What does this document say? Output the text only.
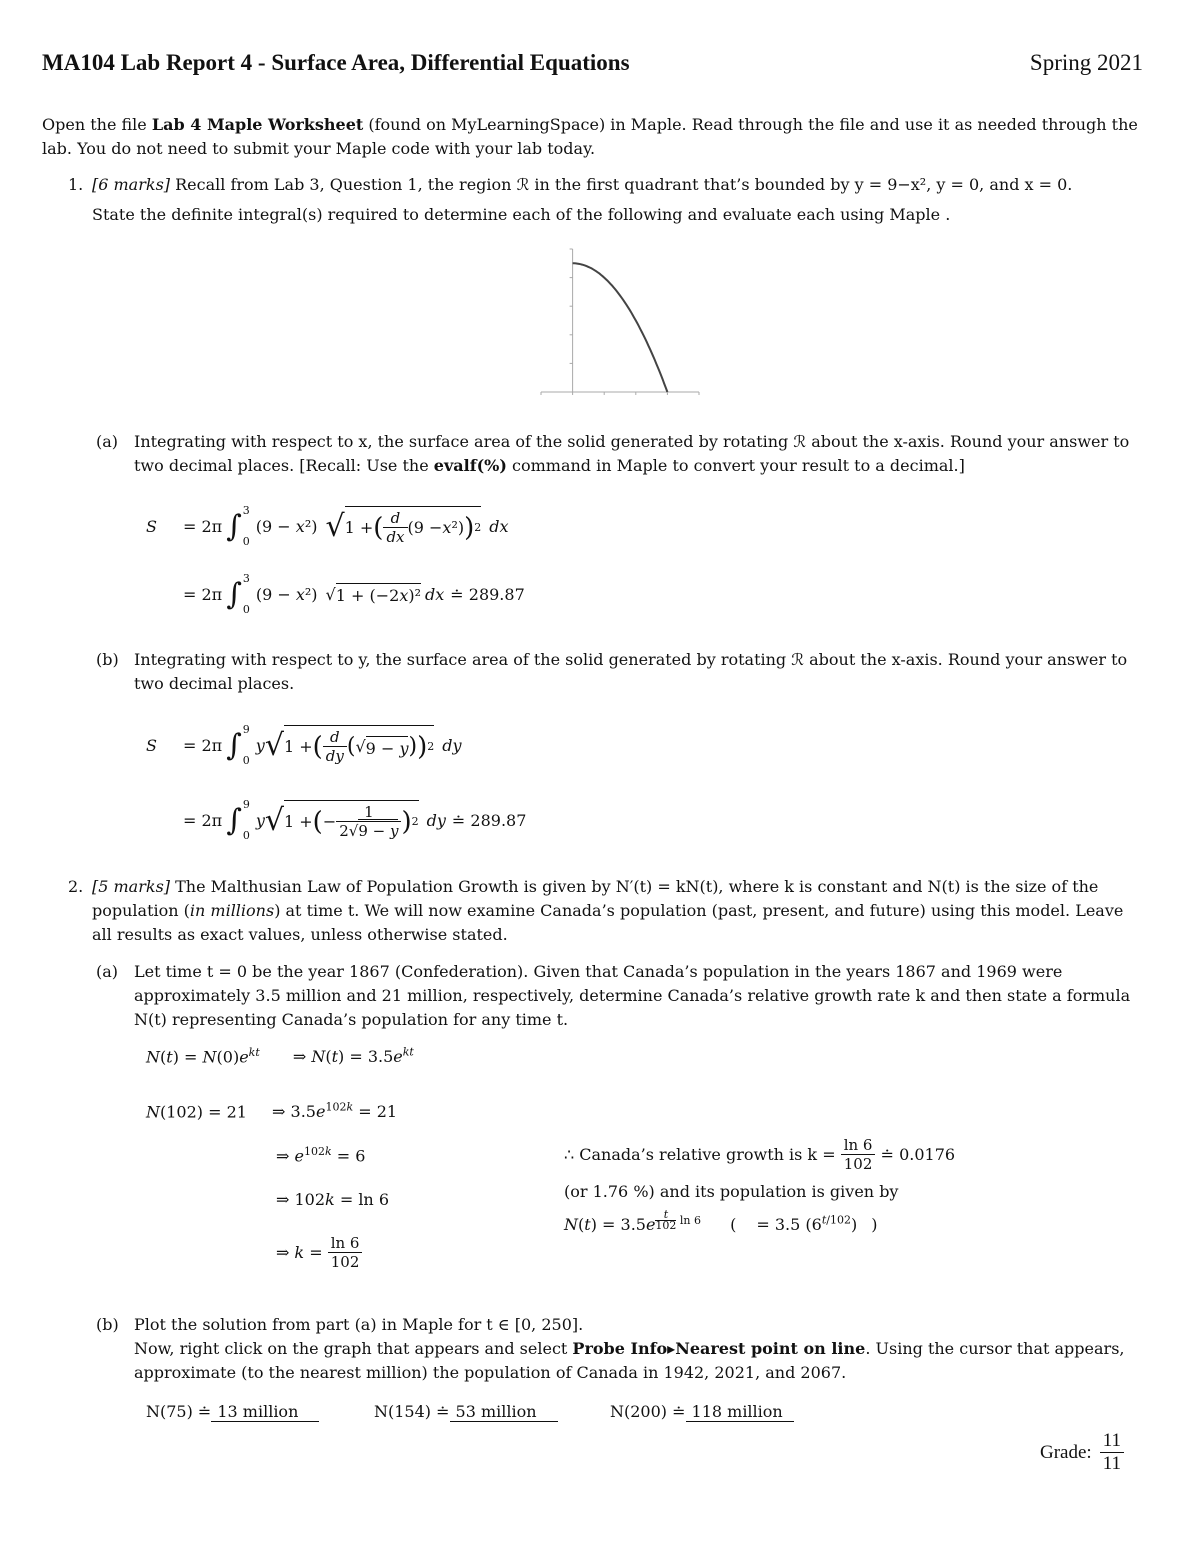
MA104 Lab Report 4 - Surface Area, Differential Equations	Spring 2021
Open the file Lab 4 Maple Worksheet (found on MyLearningSpace) in Maple. Read through the file and use it as needed through the lab. You do not need to submit your Maple code with your lab today.
1. [6 marks] Recall from Lab 3, Question 1, the region ℛ in the first quadrant that’s bounded by y = 9−x², y = 0, and x = 0.
State the definite integral(s) required to determine each of the following and evaluate each using Maple .
(a) Integrating with respect to x, the surface area of the solid generated by rotating ℛ about the x-axis. Round your answer to two decimal places. [Recall: Use the evalf(%) command in Maple to convert your result to a decimal.]
S = 2π ∫ 3
0
(9 − x²) √ 1 + ( $\frac{d}{dx} (9 - x$ ²) ) 2 dx
= 2π ∫ 3
0
(9 − x²) √ 1 + (−2x)² dx ≐ 289.87
(b) Integrating with respect to y, the surface area of the solid generated by rotating ℛ about the x-axis. Round your answer to two decimal places.
S = 2π ∫ 9
0
y √ 1 + ( $\frac{d}{dy}$ ( √ 9 − y ) ) 2 dy
= 2π ∫ 9
0
y √ 1 + ( − $\frac{1}{2√9 - y}$ ) 2 dy ≐ 289.87
2. [5 marks] The Malthusian Law of Population Growth is given by N′(t) = kN(t), where k is constant and N(t) is the size of the population (in millions) at time t. We will now examine Canada’s population (past, present, and future) using this model. Leave all results as exact values, unless otherwise stated.
(a) Let time t = 0 be the year 1867 (Confederation). Given that Canada’s population in the years 1867 and 1969 were approximately 3.5 million and 21 million, respectively, determine Canada’s relative growth rate k and then state a formula N(t) representing Canada’s population for any time t.
$N(t) = N(0)e^{kt}$ ⇒ $N(t) = 3.5e^{kt}$
N(102) = 21 ⇒ $3.5e^{102k} = 21$
⇒ $e^{102k} = 6$
⇒ 102k = ln 6
⇒ $k = \frac{\ln 6}{102}$
∴ Canada’s relative growth is k =
$\frac{\ln 6}{102}$
≐ 0.0176
(or 1.76 %) and its population is given by
N(t) = 3.5e $^{\frac{t}{102} ln 6}$ ( = 3.5 $(6^{t/102})$ )
(b) Plot the solution from part (a) in Maple for t ∈ [0, 250].
Now, right click on the graph that appears and select Probe Info▸Nearest point on line. Using the cursor that appears, approximate (to the nearest million) the population of Canada in 1942, 2021, and 2067.
N(75) ≐ 13 million	N(154) ≐ 53 million	N(200) ≐ 118 million
Grade: $\frac{11}{11}$
